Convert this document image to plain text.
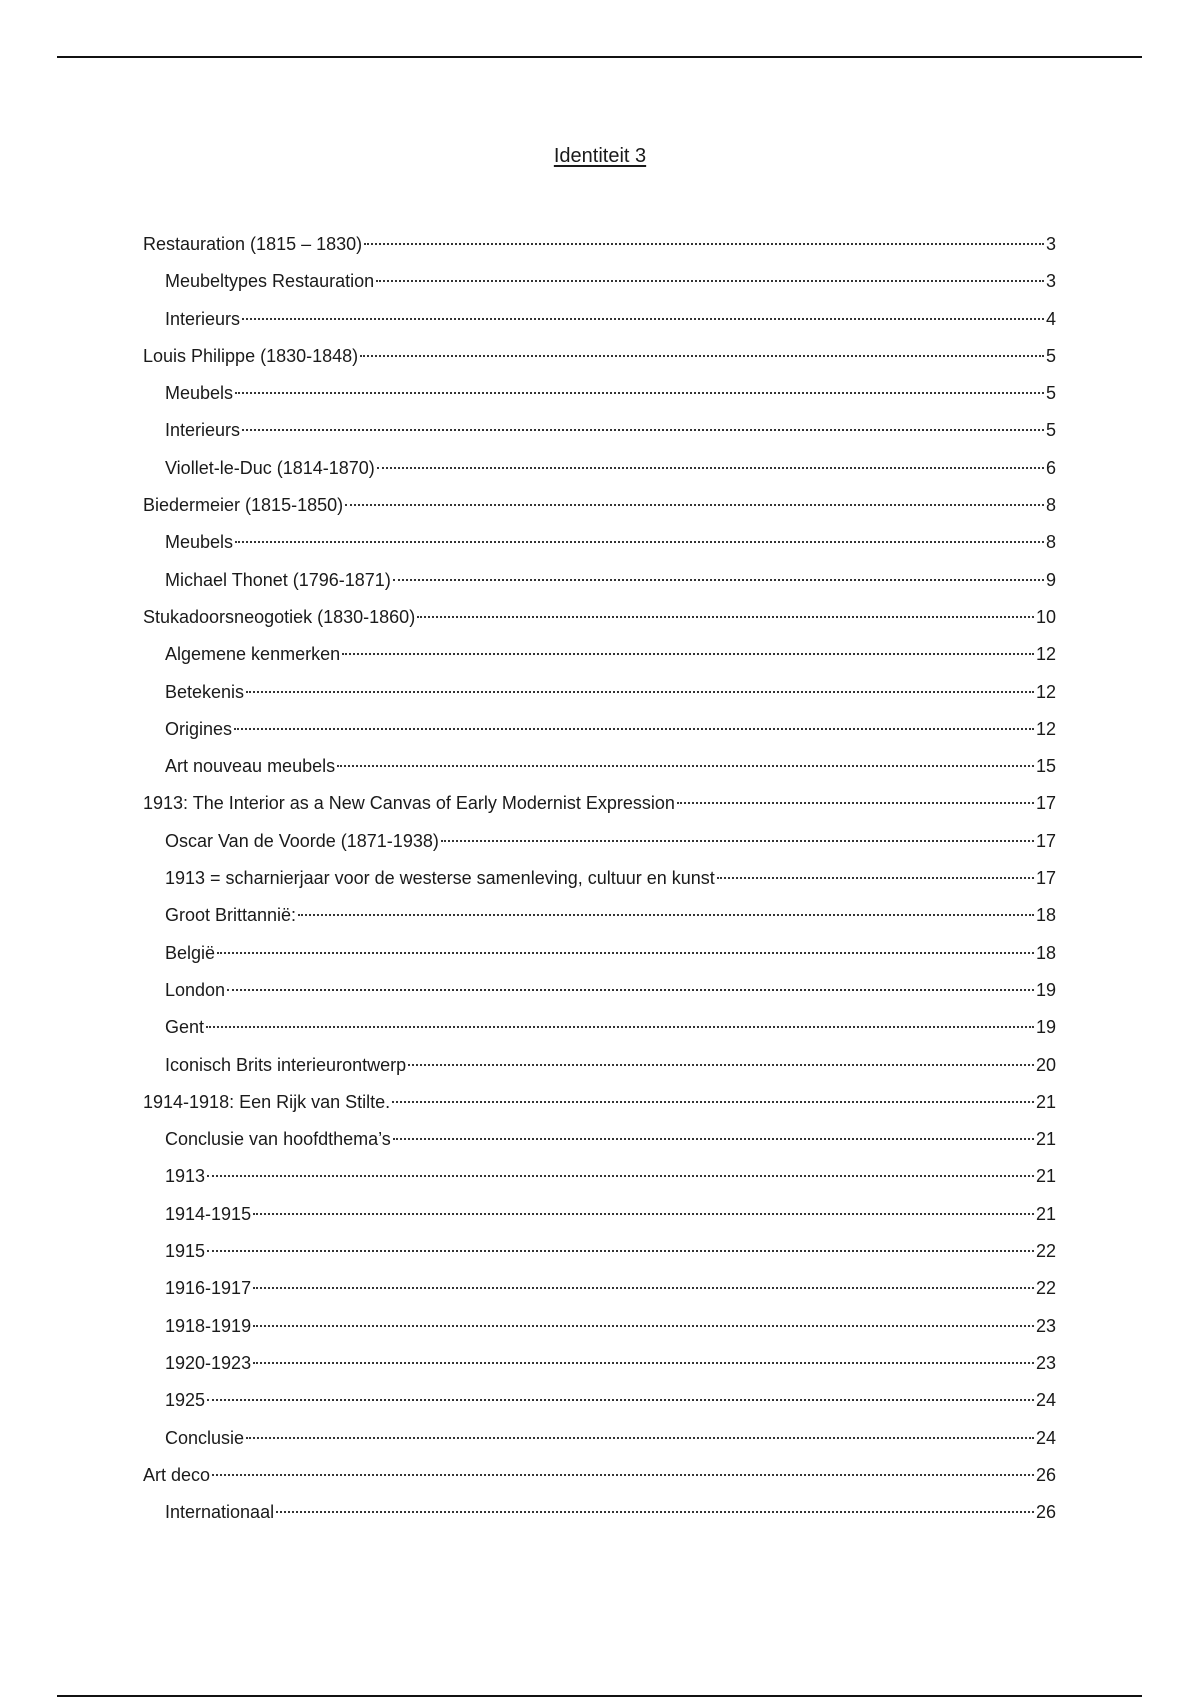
Identiteit 3
Restauration (1815 – 1830)	3
Meubeltypes Restauration	3
Interieurs	4
Louis Philippe (1830-1848)	5
Meubels	5
Interieurs	5
Viollet-le-Duc (1814-1870)	6
Biedermeier (1815-1850)	8
Meubels	8
Michael Thonet (1796-1871)	9
Stukadoorsneogotiek (1830-1860)	10
Algemene kenmerken	12
Betekenis	12
Origines	12
Art nouveau meubels	15
1913: The Interior as a New Canvas of Early Modernist Expression	17
Oscar Van de Voorde (1871-1938)	17
1913 = scharnierjaar voor de westerse samenleving, cultuur en kunst	17
Groot Brittannië:	18
België	18
London	19
Gent	19
Iconisch Brits interieurontwerp	20
1914-1918: Een Rijk van Stilte.	21
Conclusie van hoofdthema’s	21
1913	21
1914-1915	21
1915	22
1916-1917	22
1918-1919	23
1920-1923	23
1925	24
Conclusie	24
Art deco	26
Internationaal	26
